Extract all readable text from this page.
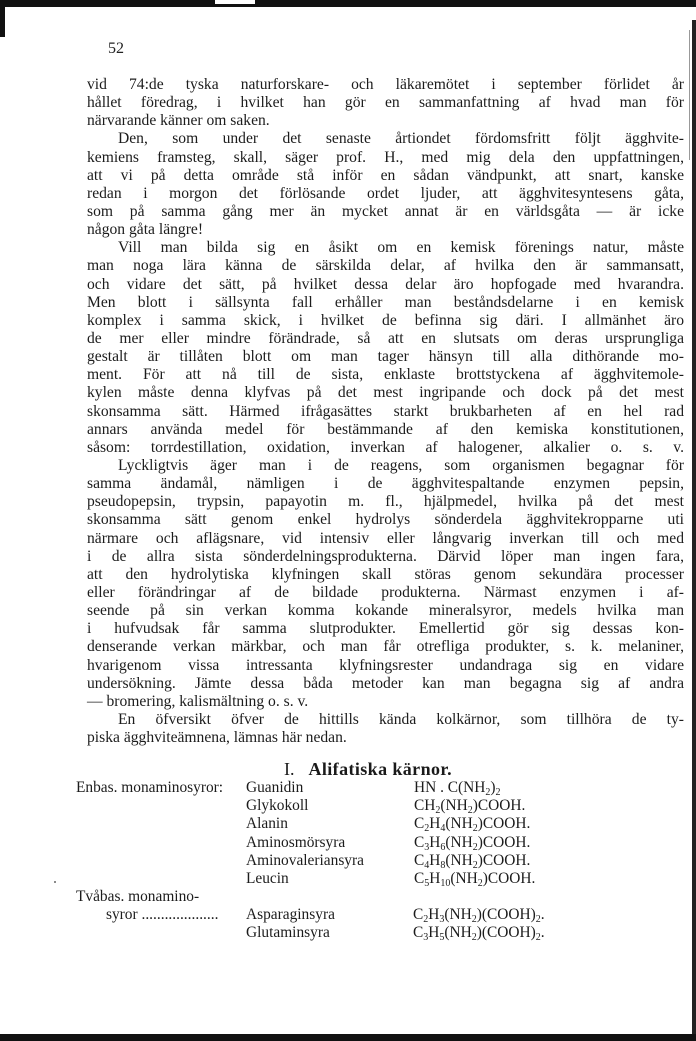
52
vid 74:de tyska naturforskare- och läkaremötet i september förlidet år
hållet föredrag, i hvilket han gör en sammanfattning af hvad man för
närvarande känner om saken.
Den, som under det senaste årtiondet fördomsfritt följt ägghvite-
kemiens framsteg, skall, säger prof. H., med mig dela den uppfattningen,
att vi på detta område stå inför en sådan vändpunkt, att snart, kanske
redan i morgon det förlösande ordet ljuder, att ägghvitesyntesens gåta,
som på samma gång mer än mycket annat är en världsgåta — är icke
någon gåta längre!
Vill man bilda sig en åsikt om en kemisk förenings natur, måste
man noga lära känna de särskilda delar, af hvilka den är sammansatt,
och vidare det sätt, på hvilket dessa delar äro hopfogade med hvarandra.
Men blott i sällsynta fall erhåller man beståndsdelarne i en kemisk
komplex i samma skick, i hvilket de befinna sig däri. I allmänhet äro
de mer eller mindre förändrade, så att en slutsats om deras ursprungliga
gestalt är tillåten blott om man tager hänsyn till alla dithörande mo-
ment. För att nå till de sista, enklaste brottstyckena af ägghvitemole-
kylen måste denna klyfvas på det mest ingripande och dock på det mest
skonsamma sätt. Härmed ifrågasättes starkt brukbarheten af en hel rad
annars använda medel för bestämmande af den kemiska konstitutionen,
såsom: torrdestillation, oxidation, inverkan af halogener, alkalier o. s. v.
Lyckligtvis äger man i de reagens, som organismen begagnar för
samma ändamål, nämligen i de ägghvitespaltande enzymen pepsin,
pseudopepsin, trypsin, papayotin m. fl., hjälpmedel, hvilka på det mest
skonsamma sätt genom enkel hydrolys sönderdela ägghvitekropparne uti
närmare och aflägsnare, vid intensiv eller långvarig inverkan till och med
i de allra sista sönderdelningsprodukterna. Därvid löper man ingen fara,
att den hydrolytiska klyfningen skall störas genom sekundära processer
eller förändringar af de bildade produkterna. Närmast enzymen i af-
seende på sin verkan komma kokande mineralsyror, medels hvilka man
i hufvudsak får samma slutprodukter. Emellertid gör sig dessas kon-
denserande verkan märkbar, och man får otrefliga produkter, s. k. melaniner,
hvarigenom vissa intressanta klyfningsrester undandraga sig en vidare
undersökning. Jämte dessa båda metoder kan man begagna sig af andra
— bromering, kalismältning o. s. v.
En öfversikt öfver de hittills kända kolkärnor, som tillhöra de ty-
piska ägghviteämnena, lämnas här nedan.
I. Alifatiska kärnor.
Enbas. monaminosyror: Guanidin	HN . $C(NH_2)_2$
Glykokoll	$CH_2(NH_2)COOH$.
Alanin	$C_2H_4(NH_2)COOH$.
Aminosmörsyra	$C_3H_6(NH_2)COOH$.
Aminovaleriansyra	$C_4H_8(NH_2)COOH$.
Leucin	$C_5H_{10}(NH_2)COOH$.
Tvåbas. monamino-
syror .................... Asparaginsyra	$C_2H_3(NH_2)(COOH)_2$.
Glutaminsyra	$C_3H_5(NH_2)(COOH)_2$.
